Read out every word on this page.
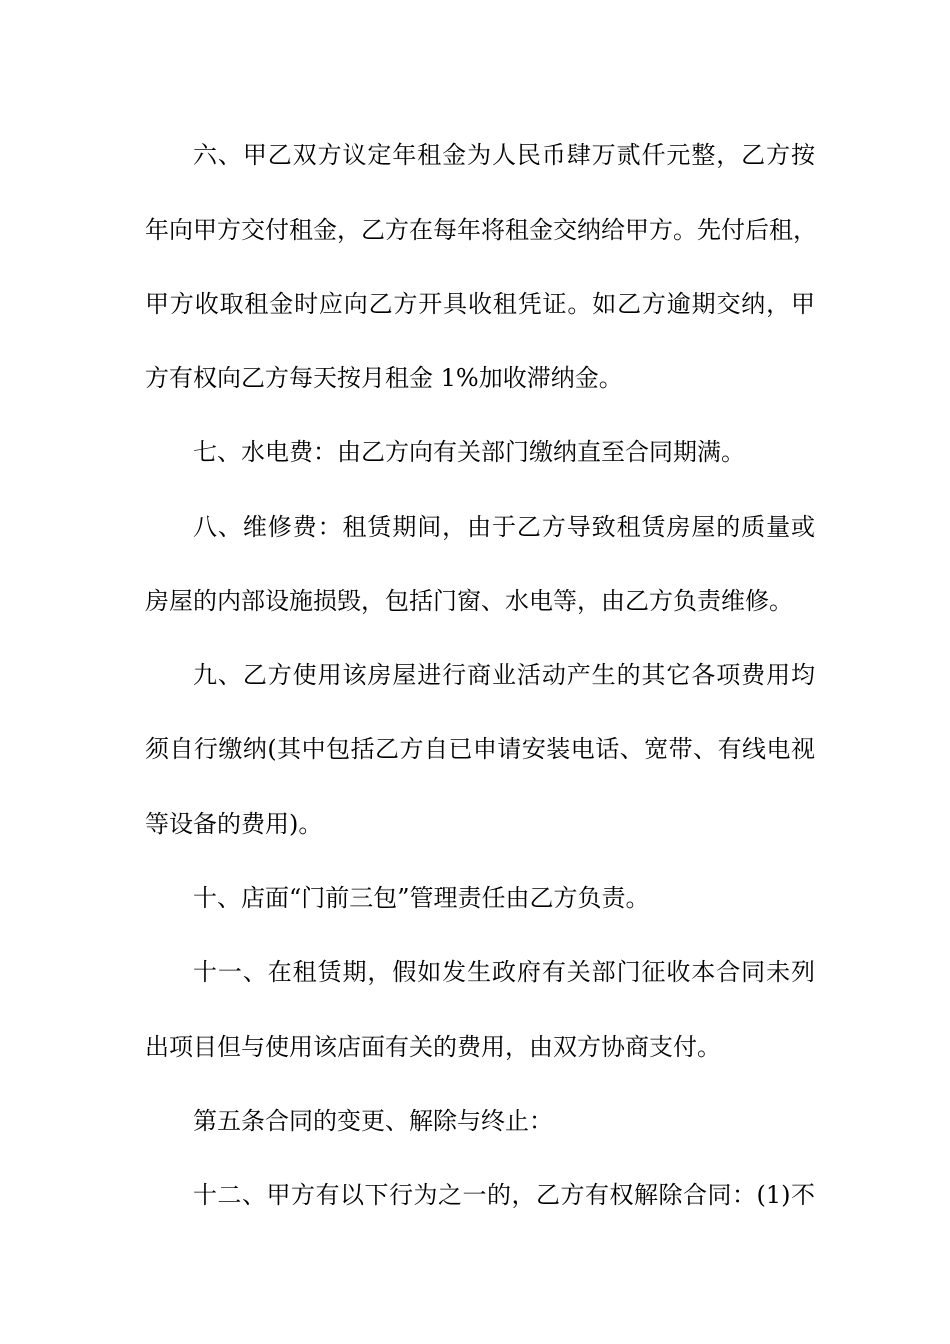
六、甲乙双方议定年租金为人民币肆万贰仟元整，乙方按
年向甲方交付租金，乙方在每年将租金交纳给甲方。先付后租，
甲方收取租金时应向乙方开具收租凭证。如乙方逾期交纳，甲
方有权向乙方每天按月租金 1%加收滞纳金。
七、水电费：由乙方向有关部门缴纳直至合同期满。
八、维修费：租赁期间，由于乙方导致租赁房屋的质量或
房屋的内部设施损毁，包括门窗、水电等，由乙方负责维修。
九、乙方使用该房屋进行商业活动产生的其它各项费用均
须自行缴纳(其中包括乙方自已申请安装电话、宽带、有线电视
等设备的费用)。
十、店面“门前三包”管理责任由乙方负责。
十一、在租赁期，假如发生政府有关部门征收本合同未列
出项目但与使用该店面有关的费用，由双方协商支付。
第五条合同的变更、解除与终止：
十二、甲方有以下行为之一的，乙方有权解除合同：(1)不
